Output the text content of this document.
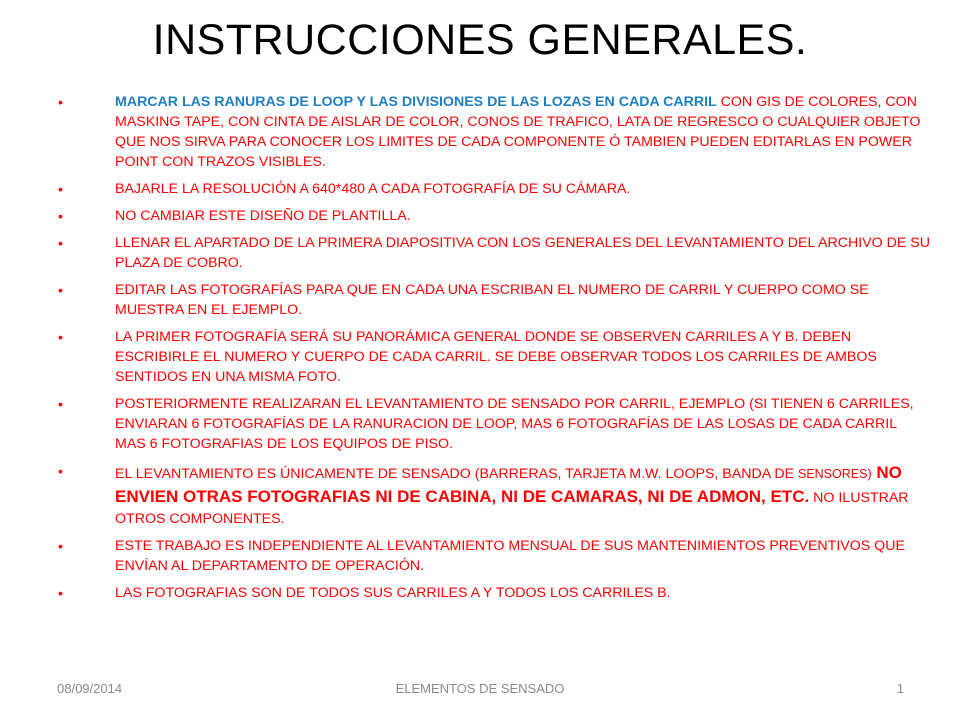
INSTRUCCIONES GENERALES.
•	MARCAR LAS RANURAS DE LOOP Y LAS DIVISIONES DE LAS LOZAS EN CADA CARRIL CON GIS DE COLORES, CON MASKING TAPE, CON CINTA DE AISLAR DE COLOR, CONOS DE TRAFICO, LATA DE REGRESCO O CUALQUIER OBJETO QUE NOS SIRVA PARA CONOCER LOS LIMITES DE CADA COMPONENTE Ó TAMBIEN PUEDEN EDITARLAS EN POWER POINT CON TRAZOS VISIBLES.
•	BAJARLE LA RESOLUCIÓN A 640*480 A CADA FOTOGRAFÍA DE SU CÁMARA.
•	NO CAMBIAR ESTE DISEÑO DE PLANTILLA.
•	LLENAR EL APARTADO DE LA PRIMERA DIAPOSITIVA CON LOS GENERALES DEL LEVANTAMIENTO DEL ARCHIVO DE SU PLAZA DE COBRO.
•	EDITAR LAS FOTOGRAFÍAS PARA QUE EN CADA UNA ESCRIBAN EL NUMERO DE CARRIL Y CUERPO COMO SE MUESTRA EN EL EJEMPLO.
•	LA PRIMER FOTOGRAFÍA SERÁ SU PANORÁMICA GENERAL DONDE SE OBSERVEN CARRILES A Y B. DEBEN ESCRIBIRLE EL NUMERO Y CUERPO DE CADA CARRIL. SE DEBE OBSERVAR TODOS LOS CARRILES DE AMBOS SENTIDOS EN UNA MISMA FOTO.
•	POSTERIORMENTE REALIZARAN EL LEVANTAMIENTO DE SENSADO POR CARRIL, EJEMPLO (SI TIENEN 6 CARRILES, ENVIARAN 6 FOTOGRAFÍAS DE LA RANURACION DE LOOP, MAS 6 FOTOGRAFÍAS DE LAS LOSAS DE CADA CARRIL MAS 6 FOTOGRAFIAS DE LOS EQUIPOS DE PISO.
•	EL LEVANTAMIENTO ES ÚNICAMENTE DE SENSADO (BARRERAS, TARJETA M.W. LOOPS, BANDA DE SENSORES) NO ENVIEN OTRAS FOTOGRAFIAS NI DE CABINA, NI DE CAMARAS, NI DE ADMON, ETC. NO ILUSTRAR OTROS COMPONENTES.
•	ESTE TRABAJO ES INDEPENDIENTE AL LEVANTAMIENTO MENSUAL DE SUS MANTENIMIENTOS PREVENTIVOS QUE ENVÍAN AL DEPARTAMENTO DE OPERACIÓN.
•	LAS FOTOGRAFIAS SON DE TODOS SUS CARRILES A Y TODOS LOS CARRILES B.
08/09/2014	ELEMENTOS DE SENSADO	1
